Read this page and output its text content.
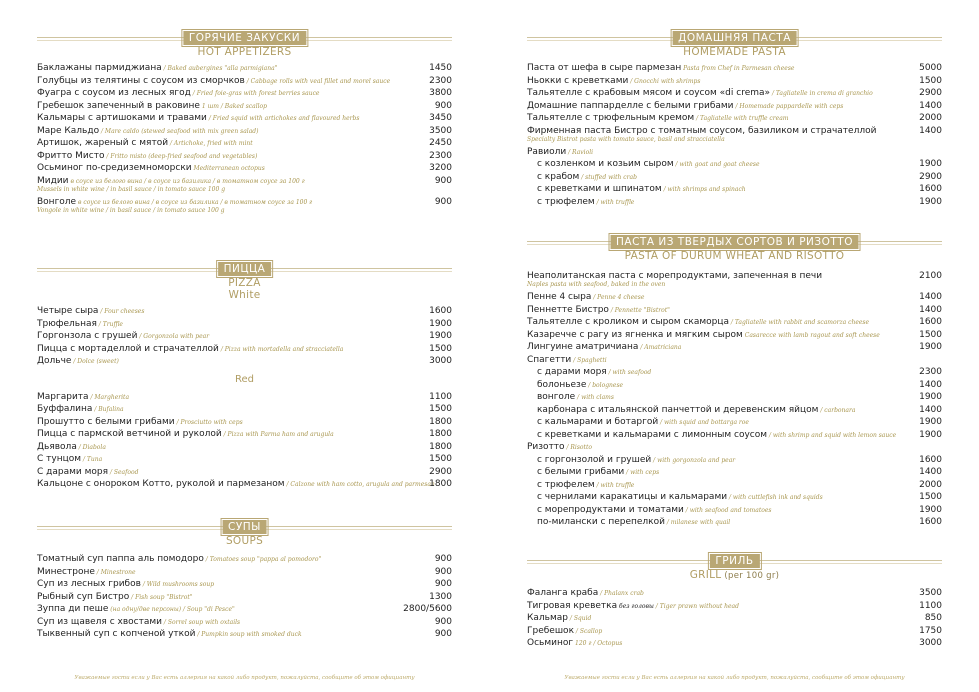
ГОРЯЧИЕ ЗАКУСКИ
HOT APPETIZERS
Баклажаны пармиджиана / Baked aubergines "alla parmigiana"	1450
Голубцы из телятины с соусом из сморчков / Cabbage rolls with veal fillet and morel sauce	2300
Фуагра с соусом из лесных ягод / Fried foie-gras with forest berries sauce	3800
Гребешок запеченный в раковине 1 шт / Baked scallop	900
Кальмары с артишоками и травами / Fried squid with artichokes and flavoured herbs	3450
Маре Кальдо / Mare caldo (stewed seafood with mix green salad)	3500
Артишок, жареный с мятой / Artichoke, fried with mint	2450
Фритто Мисто / Fritto misto (deep-fried seafood and vegetables)	2300
Осьминог по-средиземноморски Mediterranean octopus	3200
Мидии в соусе из белого вина / в соусе из базилика / в томатном соусе за 100 г
Mussels in white wine / in basil sauce / in tomato sauce 100 g
900
Вонголе в соусе из белого вина / в соусе из базилика / в томатном соусе за 100 г
Vongole in white wine / in basil sauce / in tomato sauce 100 g
900
ПИЦЦА
PIZZA
White
Четыре сыра / Four cheeses	1600
Трюфельная / Truffle	1900
Горгонзола с грушей / Gorgonzola with pear	1900
Пицца с мортаделлой и страчателлой / Pizza with mortadella and stracciatella	1500
Дольче / Dolce (sweet)	3000
Red
Маргарита / Margherita	1100
Буффалина / Bufalina	1500
Прошутто с белыми грибами / Prosciutto with ceps	1800
Пицца с пармской ветчиной и руколой / Pizza with Parma ham and arugula	1800
Дьявола / Diabola	1800
С тунцом / Tuna	1500
С дарами моря / Seafood	2900
Кальцоне с онороком Котто, руколой и пармезаном / Calzone with ham cotto, arugula and parmesan
1800
СУПЫ
SOUPS
Томатный суп паппа аль помодоро / Tomatoes soup "pappa al pomodoro"	900
Минестроне / Minestrone	900
Суп из лесных грибов / Wild mushrooms soup	900
Рыбный суп Бистро / Fish soup "Bistrot"	1300
Зуппа ди пеше (на одну/две персоны) / Soup "di Pesce"	2800/5600
Суп из щавеля с хвостами / Sorrel soup with oxtails	900
Тыквенный суп с копченой уткой / Pumpkin soup with smoked duck	900
Уважаемые гости если у Вас есть аллергия на какой либо продукт, пожалуйста, сообщите об этом официанту
ДОМАШНЯЯ ПАСТА
HOMEMADE PASTA
Паста от шефа в сыре пармезан Pasta from Chef in Parmesan cheese	5000
Ньокки с креветками / Gnocchi with shrimps	1500
Тальятелле с крабовым мясом и соусом «di crema» / Tagliatelle in crema di granchio	2900
Домашние паппарделле с белыми грибами / Homemade pappardelle with ceps	1400
Тальятелле с трюфельным кремом / Tagliatelle with truffle cream	2000
Фирменная паста Бистро с томатным соусом, базиликом и страчателлой
Specialty Bistrot pasta with tomato sauce, basil and stracciatella
1400
Равиоли / Ravioli
с козленком и козьим сыром / with goat and goat cheese	1900
с крабом / stuffed with crab	2900
с креветками и шпинатом / with shrimps and spinach	1600
с трюфелем / with truffle	1900
ПАСТА ИЗ ТВЕРДЫХ СОРТОВ И РИЗОТТО
PASTA OF DURUM WHEAT AND RISOTTO
Неаполитанская паста с морепродуктами, запеченная в печи
Naples pasta with seafood, baked in the oven
2100
Пенне 4 сыра / Penne 4 cheese	1400
Пеннетте Бистро / Pennette "Bistrot"	1400
Тальятелле с кроликом и сыром скаморца / Tagliatelle with rabbit and scamorza cheese	1600
Казаречче с рагу из ягненка и мягким сыром Casarecce with lamb ragout and soft cheese	1500
Лингуине аматричиана / Amatriciana	1900
Спагетти / Spaghetti
с дарами моря / with seafood	2300
болоньезе / bolognese	1400
вонголе / with clams	1900
карбонара с итальянской панчеттой и деревенским яйцом / carbonara	1400
с кальмарами и ботаргой / with squid and bottarga roe	1900
с креветками и кальмарами с лимонным соусом / with shrimp and squid with lemon sauce	1900
Ризотто / Risotto
с горгонзолой и грушей / with gorgonzola and pear	1600
с белыми грибами / with ceps	1400
с трюфелем / with truffle	2000
с чернилами каракатицы и кальмарами / with cuttlefish ink and squids	1500
с морепродуктами и томатами / with seafood and tomatoes	1900
по-милански с перепелкой / milanese with quail	1600
ГРИЛЬ
GRILL (per 100 gr)
Фаланга краба / Phalanx crab	3500
Тигровая креветка без головы / Tiger prawn without head	1100
Кальмар / Squid	850
Гребешок / Scallop	1750
Осьминог 120 г / Octopus	3000
Уважаемые гости если у Вас есть аллергия на какой либо продукт, пожалуйста, сообщите об этом официанту
